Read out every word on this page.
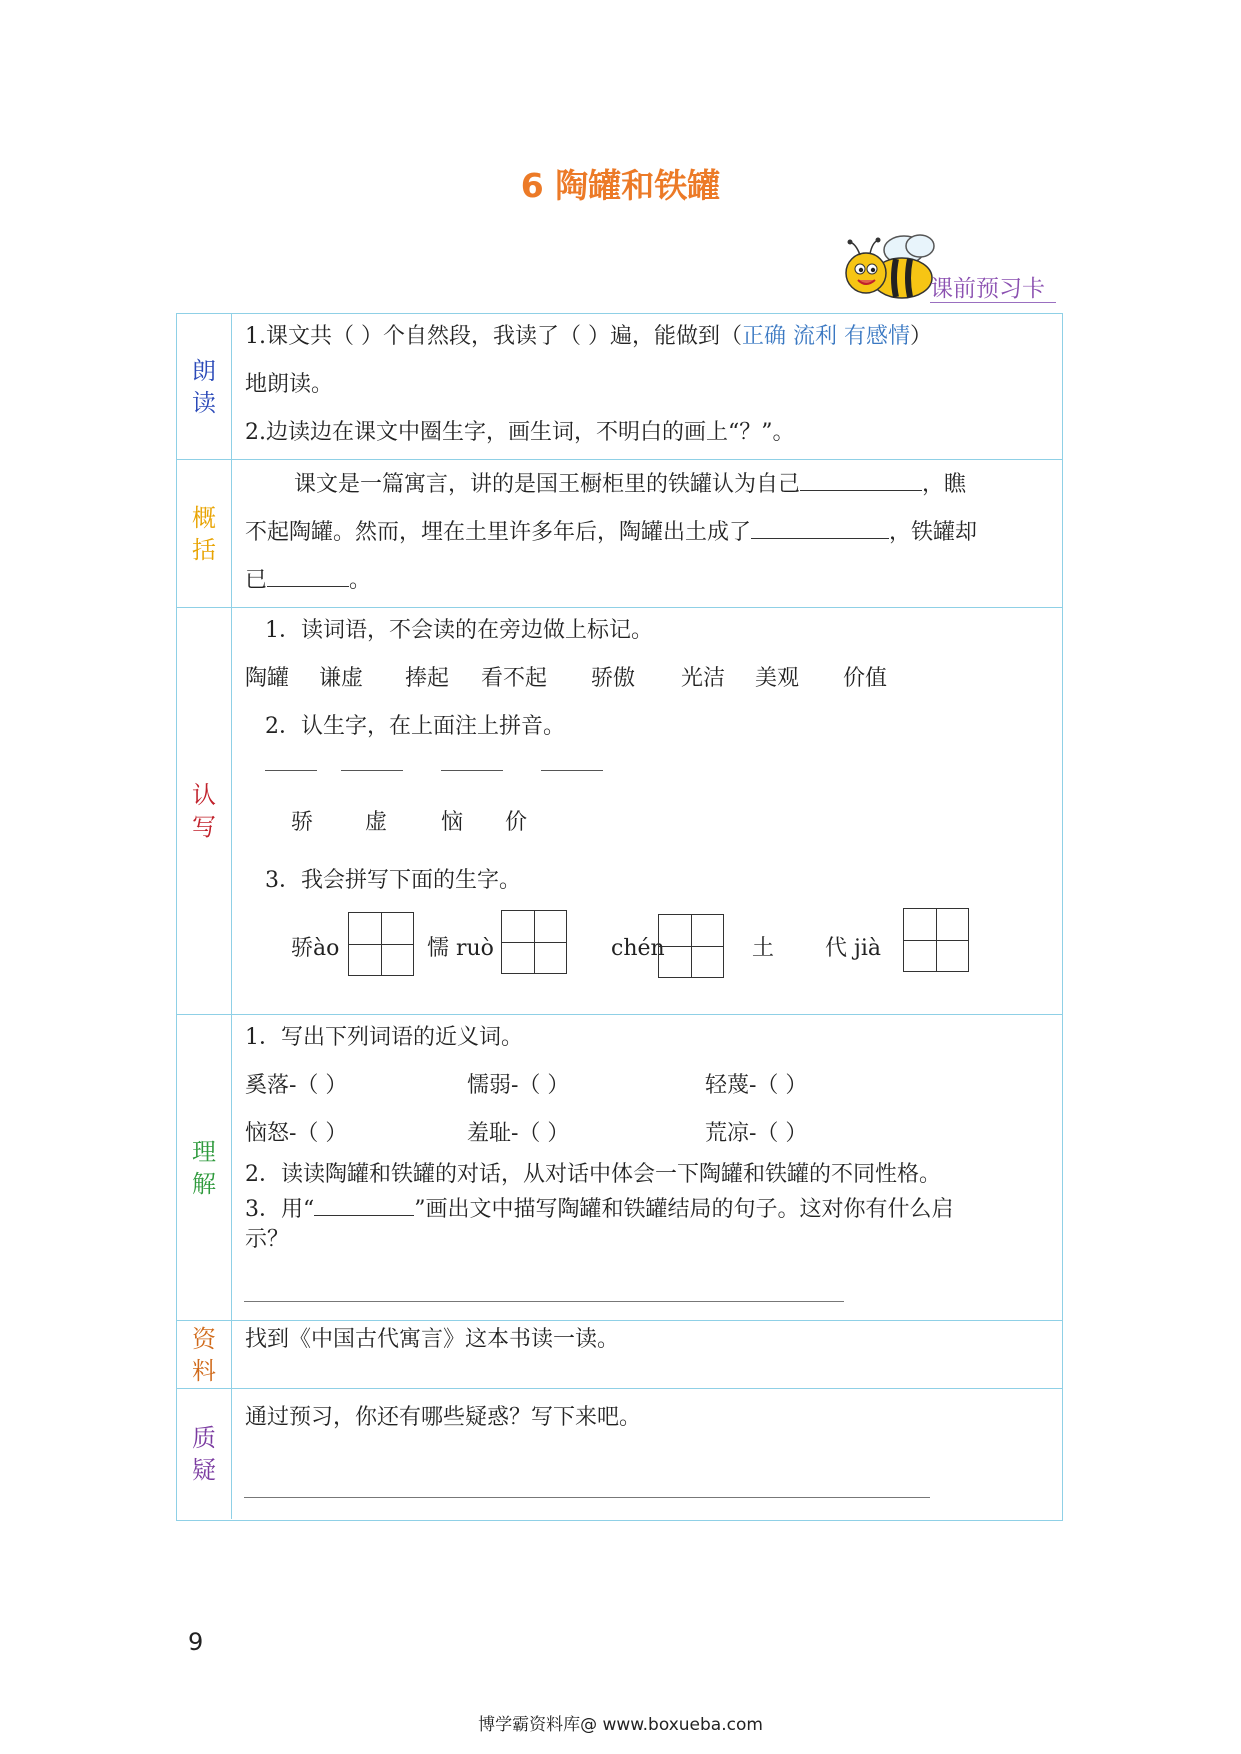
6 陶罐和铁罐
课前预习卡
朗
读
1.课文共（ ）个自然段，我读了（ ）遍，能做到（正确 流利 有感情）
地朗读。
2.边读边在课文中圈生字，画生词，不明白的画上“？”。
概
括
课文是一篇寓言，讲的是国王橱柜里的铁罐认为自己	，瞧
不起陶罐。然而，埋在土里许多年后，陶罐出土成了	，铁罐却
已	。
认
写
1．读词语，不会读的在旁边做上标记。
陶罐 谦虚 捧起 看不起 骄傲 光洁 美观 价值
2．认生字，在上面注上拼音。
骄 虚 恼 价
3．我会拼写下面的生字。
骄ào	懦 ruò	chén	土 代 jià
理
解
1．写出下列词语的近义词。
奚落-（ ）	懦弱-（ ）	轻蔑-（ ）
恼怒-（ ）	羞耻-（ ）	荒凉-（ ）
2．读读陶罐和铁罐的对话，从对话中体会一下陶罐和铁罐的不同性格。
3．用“	”画出文中描写陶罐和铁罐结局的句子。这对你有什么启
示？
资
料
找到《中国古代寓言》这本书读一读。
质
疑
通过预习，你还有哪些疑惑？写下来吧。
9
博学霸资料库@ www.boxueba.com
